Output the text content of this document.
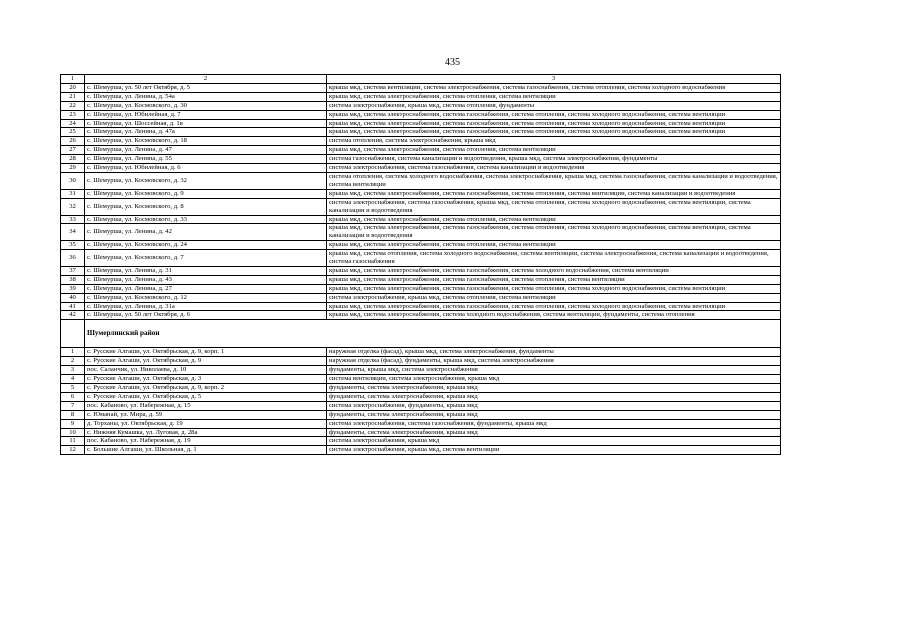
435
1	2	3
20	с. Шемурша, ул. 50 лет Октября, д. 5	крыша мкд, система вентиляции, система электроснабжения, система газоснабжения, система отопления, система холодного водоснабжения
21	с. Шемурша, ул. Ленина, д. 54а	крыша мкд, система электроснабжения, система отопления, система вентиляции
22	с. Шемурша, ул. Космовского, д. 30	система электроснабжения, крыша мкд, система отопления, фундаменты
23	с. Шемурша, ул. Юбилейная, д. 7	крыша мкд, система электроснабжения, система газоснабжения, система отопления, система холодного водоснабжения, система вентиляции
24	с. Шемурша, ул. Шоссейная, д. 1в	крыша мкд, система электроснабжения, система газоснабжения, система отопления, система холодного водоснабжения, система вентиляции
25	с. Шемурша, ул. Ленина, д. 47а	крыша мкд, система электроснабжения, система газоснабжения, система отопления, система холодного водоснабжения, система вентиляции
26	с. Шемурша, ул. Космовского, д. 18	система отопления, система электроснабжения, крыша мкд
27	с. Шемурша, ул. Ленина, д. 47	крыша мкд, система электроснабжения, система отопления, система вентиляции
28	с. Шемурша, ул. Ленина, д. 55	система газоснабжения, система канализации и водоотведения, крыша мкд, система электроснабжения, фундаменты
29	с. Шемурша, ул. Юбилейная, д. 6	система электроснабжения, система газоснабжения, система канализации и водоотведения
30	с. Шемурша, ул. Космовского, д. 32	система отопления, система холодного водоснабжения, система электроснабжения, крыша мкд, система газоснабжения, система канализации и водоотведения, система вентиляции
31	с. Шемурша, ул. Космовского, д. 9	крыша мкд, система электроснабжения, система газоснабжения, система отопления, система вентиляции, система канализации и водоотведения
32	с. Шемурша, ул. Космовского, д. 8	система электроснабжения, система газоснабжения, крыша мкд, система отопления, система холодного водоснабжения, система вентиляции, система канализации и водоотведения
33	с. Шемурша, ул. Космовского, д. 33	крыша мкд, система электроснабжения, система отопления, система вентиляции
34	с. Шемурша, ул. Ленина, д. 42	крыша мкд, система электроснабжения, система газоснабжения, система отопления, система холодного водоснабжения, система вентиляции, система канализации и водоотведения
35	с. Шемурша, ул. Космовского, д. 24	крыша мкд, система электроснабжения, система отопления, система вентиляции
36	с. Шемурша, ул. Космовского, д. 7	крыша мкд, система отопления, система холодного водоснабжения, система вентиляции, система электроснабжения, система канализации и водоотведения, система газоснабжения
37	с. Шемурша, ул. Ленина, д. 31	крыша мкд, система электроснабжения, система газоснабжения, система холодного водоснабжения, система вентиляции
38	с. Шемурша, ул. Ленина, д. 43	крыша мкд, система электроснабжения, система газоснабжения, система отопления, система вентиляции
39	с. Шемурша, ул. Ленина, д. 27	крыша мкд, система электроснабжения, система газоснабжения, система отопления, система холодного водоснабжения, система вентиляции
40	с. Шемурша, ул. Космовского, д. 12	система электроснабжения, крыша мкд, система отопления, система вентиляции
41	с. Шемурша, ул. Ленина, д. 31а	крыша мкд, система электроснабжения, система газоснабжения, система отопления, система холодного водоснабжения, система вентиляции
42	с. Шемурша, ул. 50 лет Октября, д. 6	крыша мкд, система электроснабжения, система холодного водоснабжения, система вентиляции, фундаменты, система отопления
	Шумерлинский район	
1	с. Русские Алгаши, ул. Октябрьская, д. 9, корп. 1	наружная отделка (фасад), крыша мкд, система электроснабжения, фундаменты
2	с. Русские Алгаши, ул. Октябрьская, д. 9	наружная отделка (фасад), фундаменты, крыша мкд, система электроснабжения
3	пос. Саланчик, ул. Николаева, д. 10	фундаменты, крыша мкд, система электроснабжения
4	с. Русские Алгаши, ул. Октябрьская, д. 3	система вентиляции, система электроснабжения, крыша мкд
5	с. Русские Алгаши, ул. Октябрьская, д. 9, корп. 2	фундаменты, система электроснабжения, крыша мкд
6	с. Русские Алгаши, ул. Октябрьская, д. 5	фундаменты, система электроснабжения, крыша мкд
7	пос. Кабаново, ул. Набережная, д. 15	система электроснабжения, фундаменты, крыша мкд
8	с. Юманай, ул. Мира, д. 59	фундаменты, система электроснабжения, крыша мкд
9	д. Торханы, ул. Октябрьская, д. 19	система электроснабжения, система газоснабжения, фундаменты, крыша мкд
10	с. Нижняя Кумашка, ул. Луговая, д. 28а	фундаменты, система электроснабжения, крыша мкд
11	пос. Кабаново, ул. Набережная, д. 19	система электроснабжения, крыша мкд
12	с. Большие Алгаши, ул. Школьная, д. 1	система электроснабжения, крыша мкд, система вентиляции
